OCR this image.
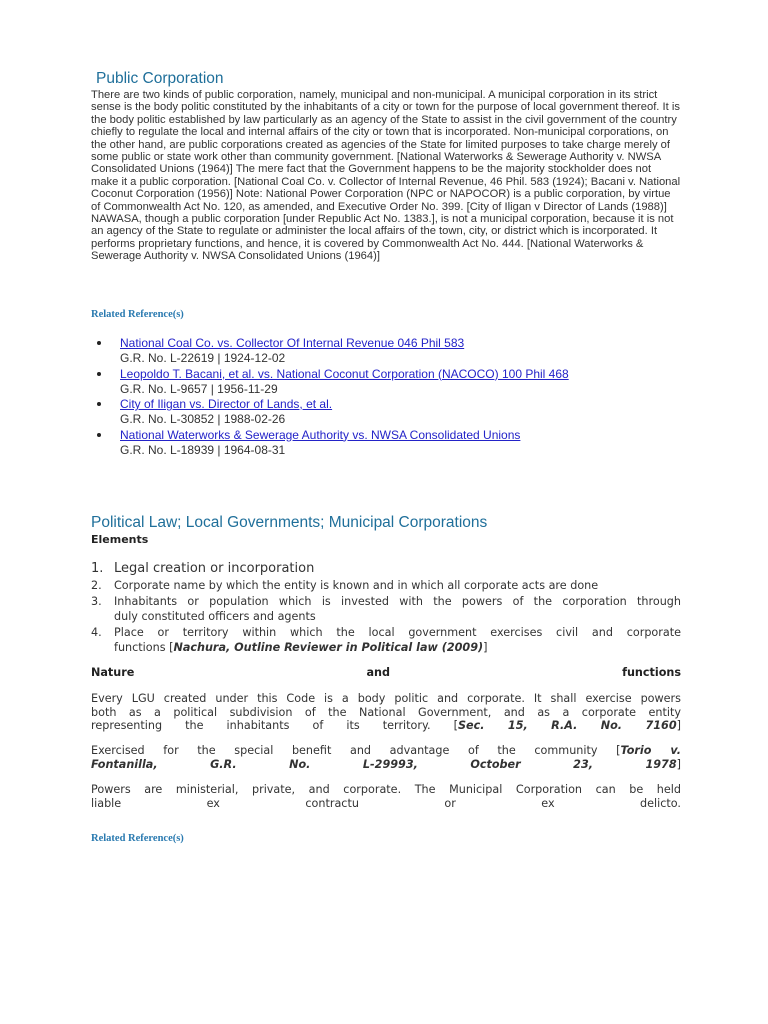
Public Corporation

There are two kinds of public corporation, namely, municipal and non-municipal. A municipal corporation in its strict sense is the body politic constituted by the inhabitants of a city or town for the purpose of local government thereof. It is the body politic established by law particularly as an agency of the State to assist in the civil government of the country chiefly to regulate the local and internal affairs of the city or town that is incorporated. Non-municipal corporations, on the other hand, are public corporations created as agencies of the State for limited purposes to take charge merely of some public or state work other than community government. [National Waterworks & Sewerage Authority v. NWSA Consolidated Unions (1964)] The mere fact that the Government happens to be the majority stockholder does not make it a public corporation. [National Coal Co. v. Collector of Internal Revenue, 46 Phil. 583 (1924); Bacani v. National Coconut Corporation (1956)] Note: National Power Corporation (NPC or NAPOCOR) is a public corporation, by virtue of Commonwealth Act No. 120, as amended, and Executive Order No. 399. [City of Iligan v Director of Lands (1988)] NAWASA, though a public corporation [under Republic Act No. 1383.], is not a municipal corporation, because it is not an agency of the State to regulate or administer the local affairs of the town, city, or district which is incorporated. It performs proprietary functions, and hence, it is covered by Commonwealth Act No. 444. [National Waterworks & Sewerage Authority v. NWSA Consolidated Unions (1964)]

Related Reference(s)

National Coal Co. vs. Collector Of Internal Revenue 046 Phil 583
G.R. No. L-22619 | 1924-12-02
Leopoldo T. Bacani, et al. vs. National Coconut Corporation (NACOCO) 100 Phil 468
G.R. No. L-9657 | 1956-11-29
City of Iligan vs. Director of Lands, et al.
G.R. No. L-30852 | 1988-02-26
National Waterworks & Sewerage Authority vs. NWSA Consolidated Unions
G.R. No. L-18939 | 1964-08-31
Political Law; Local Governments; Municipal Corporations
Elements
1. Legal creation or incorporation
2. Corporate name by which the entity is known and in which all corporate acts are done
3. Inhabitants or population which is invested with the powers of the corporation through
duly constituted officers and agents
4. Place or territory within which the local government exercises civil and corporate
functions [Nachura, Outline Reviewer in Political law (2009)]
Nature and functions
Every LGU created under this Code is a body politic and corporate. It shall exercise powers
both as a political subdivision of the National Government, and as a corporate entity
representing the inhabitants of its territory. [Sec. 15, R.A. No. 7160]
Exercised for the special benefit and advantage of the community [Torio v.
Fontanilla, G.R. No. L-29993, October 23, 1978]
Powers are ministerial, private, and corporate. The Municipal Corporation can be held
liable ex contractu or ex delicto.

Related Reference(s)
